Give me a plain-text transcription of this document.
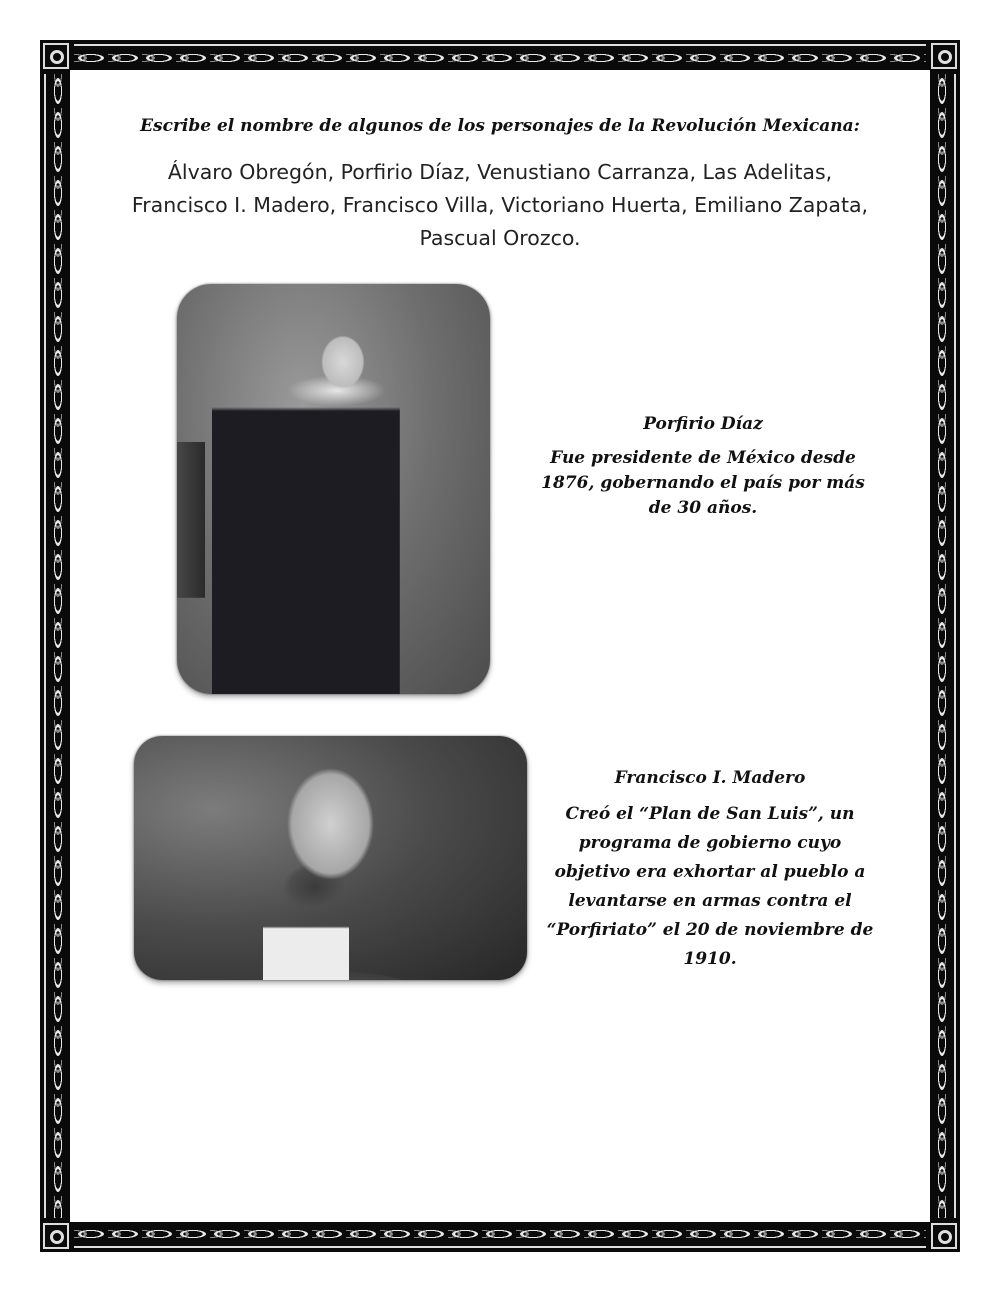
Escribe el nombre de algunos de los personajes de la Revolución Mexicana:
Álvaro Obregón, Porfirio Díaz, Venustiano Carranza, Las Adelitas, Francisco I. Madero, Francisco Villa, Victoriano Huerta, Emiliano Zapata, Pascual Orozco.
Porfirio Díaz
Fue presidente de México desde 1876, gobernando el país por más de 30 años.
Francisco I. Madero
Creó el “Plan de San Luis”, un programa de gobierno cuyo objetivo era exhortar al pueblo a levantarse en armas contra el “Porfiriato” el 20 de noviembre de 1910.
